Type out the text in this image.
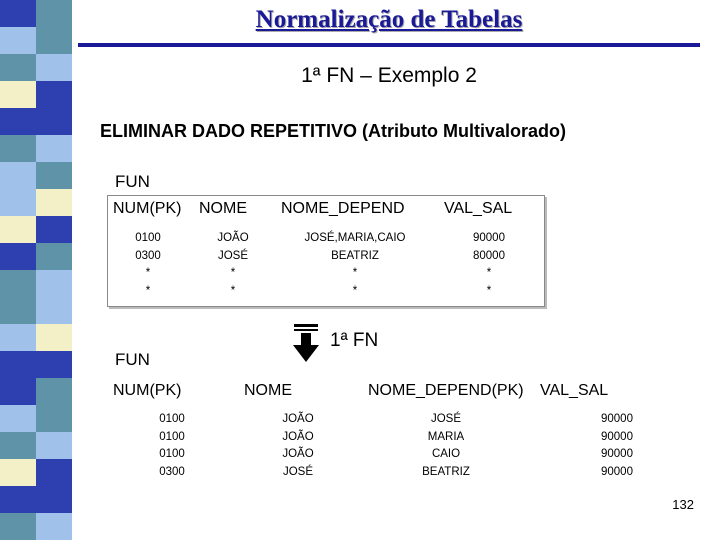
Normalização de Tabelas
1ª FN – Exemplo 2
ELIMINAR DADO REPETITIVO (Atributo Multivalorado)
FUN
NUM(PK) NOME NOME_DEPEND VAL_SAL
0100
0300
*
*
JOÃO
JOSÉ
*
*
JOSÉ,MARIA,CAIO
BEATRIZ
*
*
90000
80000
*
*
1ª FN
FUN
NUM(PK)	NOME	NOME_DEPEND(PK) VAL_SAL
0100
0100
0100
0300
JOÃO
JOÃO
JOÃO
JOSÉ
JOSÉ
MARIA
CAIO
BEATRIZ
90000
90000
90000
90000
132
